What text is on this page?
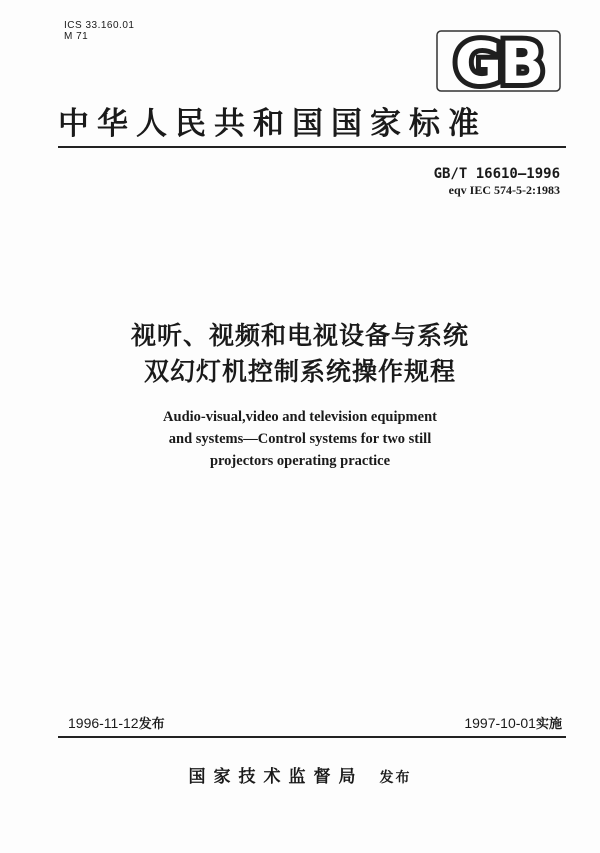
ICS 33.160.01
M 71	GB
中华人民共和国国家标准
GB/T 16610—1996
eqv IEC 574-5-2:1983
视听、视频和电视设备与系统
双幻灯机控制系统操作规程
Audio-visual,video and television equipment
and systems—Control systems for two still
projectors operating practice
1996-11-12发布	1997-10-01实施
国家技术监督局 发布
